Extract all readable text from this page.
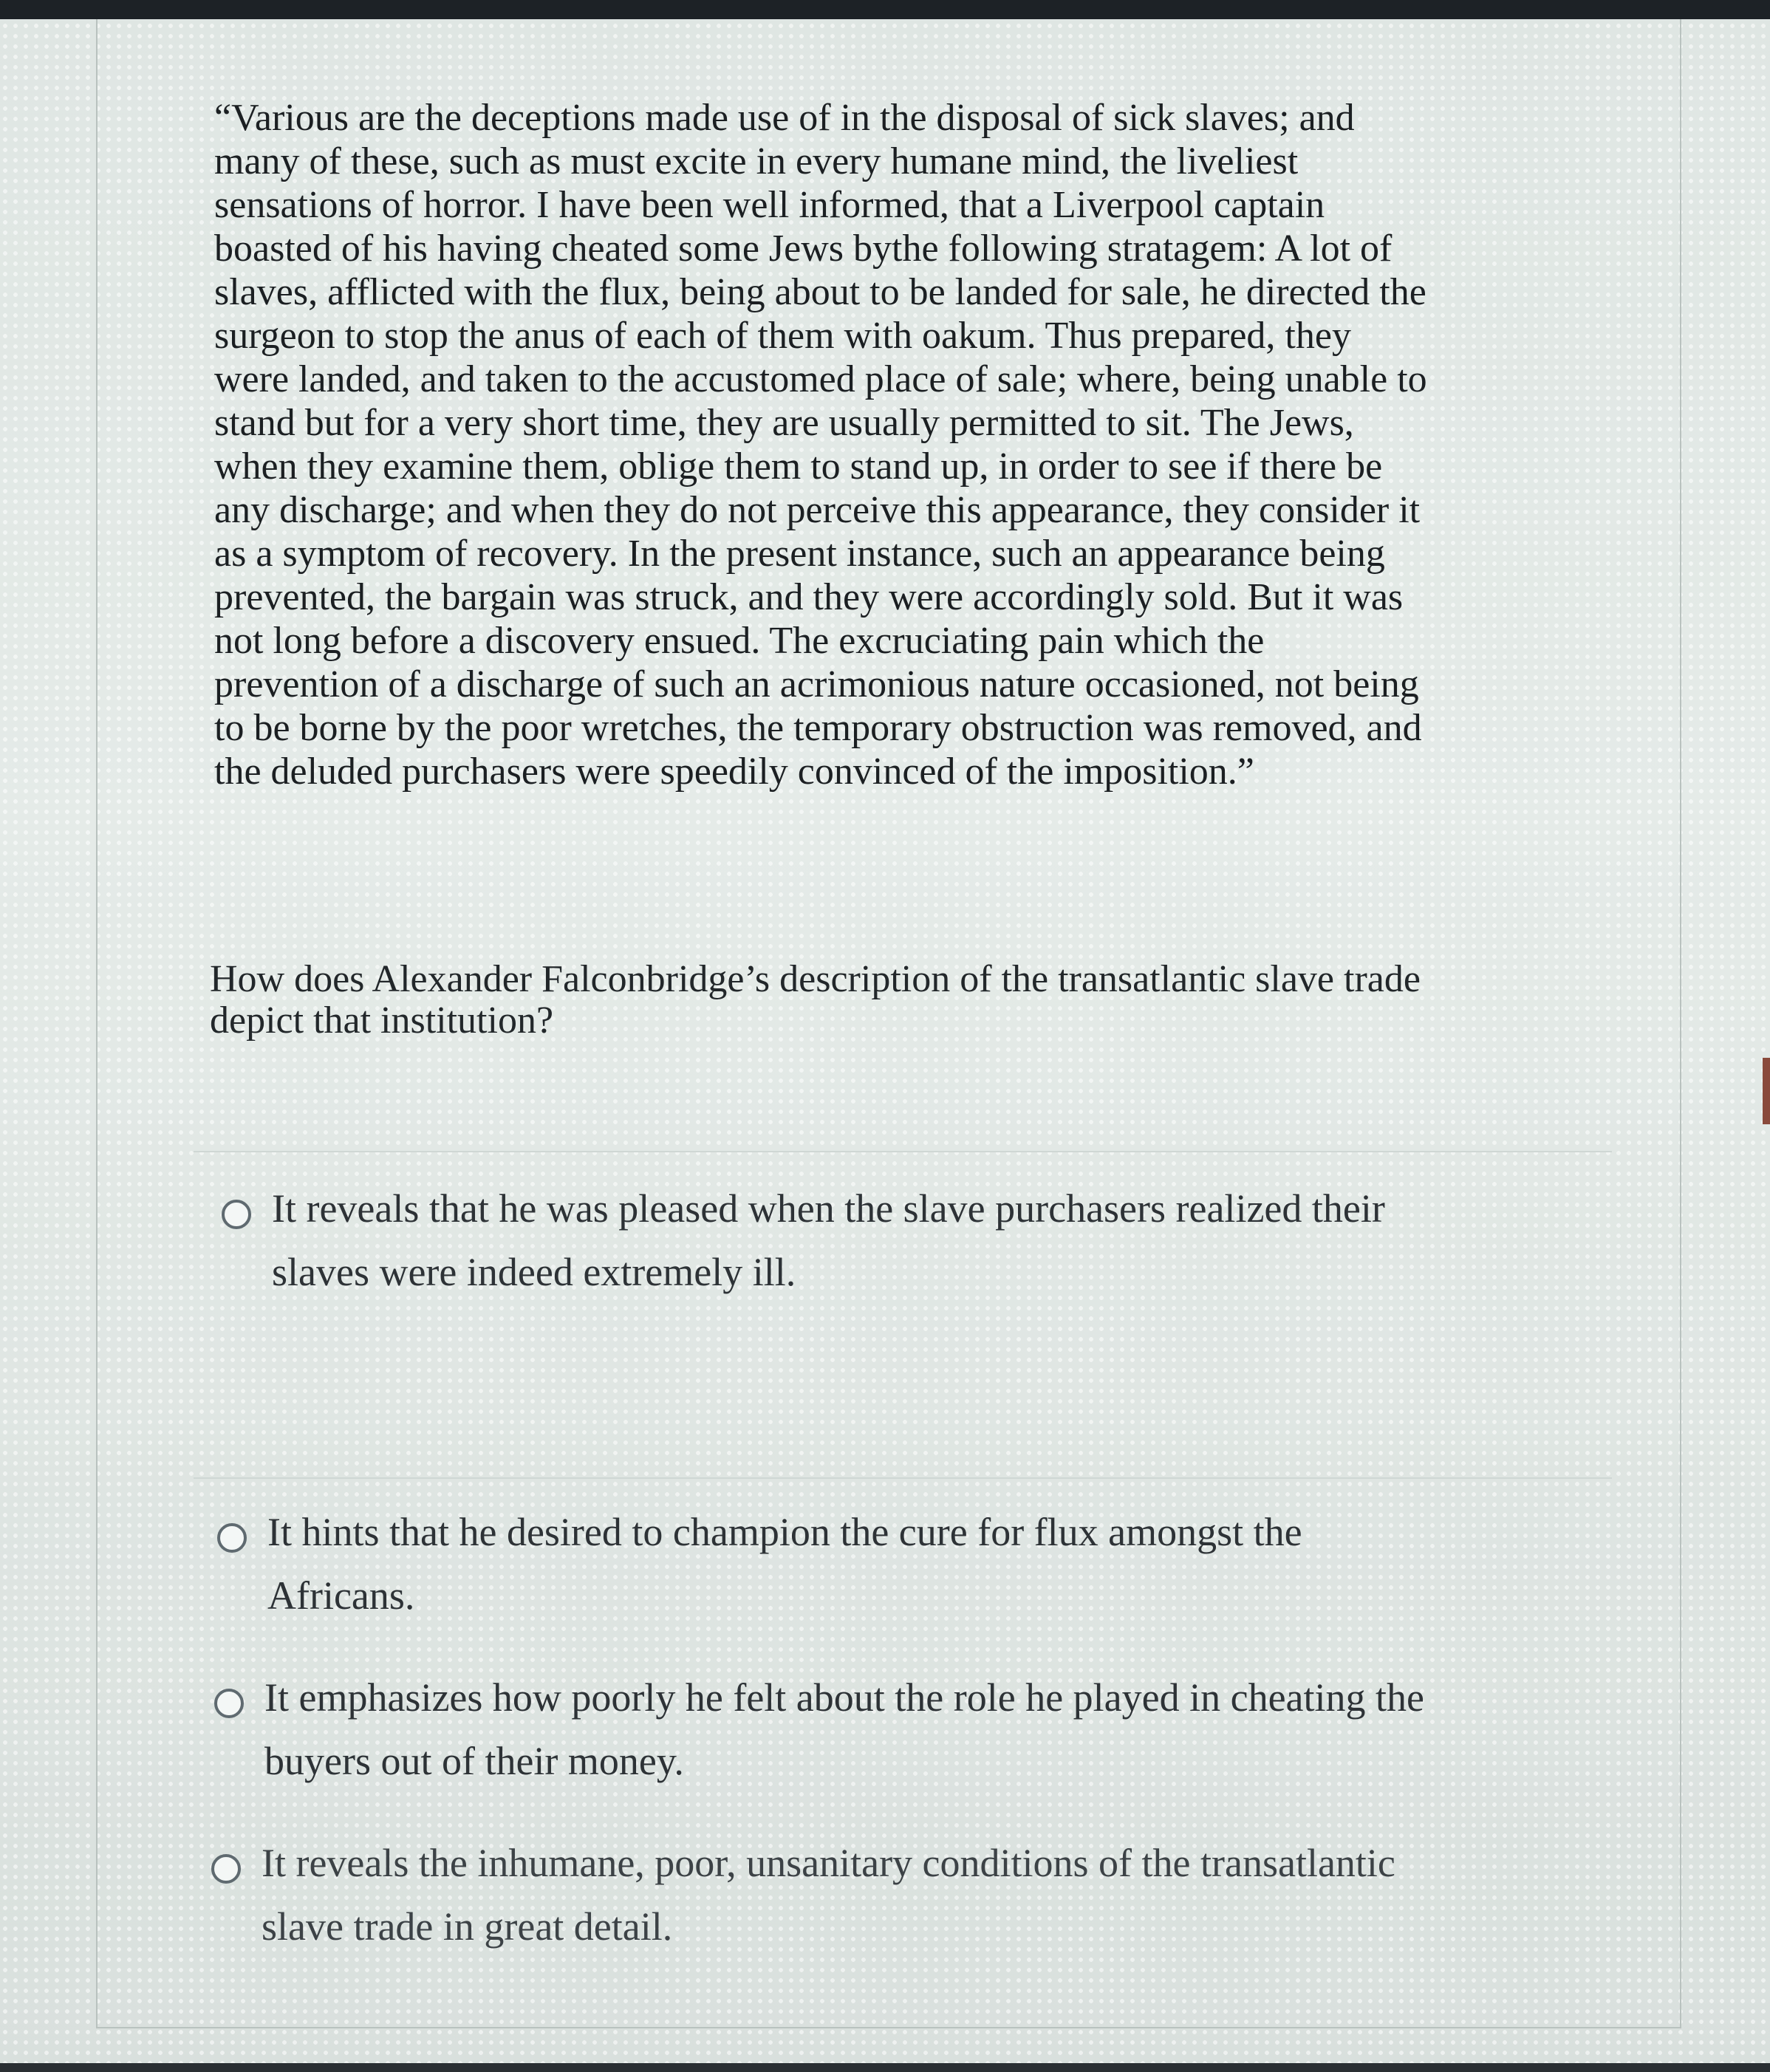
“Various are the deceptions made use of in the disposal of sick slaves; and
many of these, such as must excite in every humane mind, the liveliest
sensations of horror. I have been well informed, that a Liverpool captain
boasted of his having cheated some Jews bythe following stratagem: A lot of
slaves, afflicted with the flux, being about to be landed for sale, he directed the
surgeon to stop the anus of each of them with oakum. Thus prepared, they
were landed, and taken to the accustomed place of sale; where, being unable to
stand but for a very short time, they are usually permitted to sit. The Jews,
when they examine them, oblige them to stand up, in order to see if there be
any discharge; and when they do not perceive this appearance, they consider it
as a symptom of recovery. In the present instance, such an appearance being
prevented, the bargain was struck, and they were accordingly sold. But it was
not long before a discovery ensued. The excruciating pain which the
prevention of a discharge of such an acrimonious nature occasioned, not being
to be borne by the poor wretches, the temporary obstruction was removed, and
the deluded purchasers were speedily convinced of the imposition.”
How does Alexander Falconbridge’s description of the transatlantic slave trade
depict that institution?
It reveals that he was pleased when the slave purchasers realized their
slaves were indeed extremely ill.
It hints that he desired to champion the cure for flux amongst the
Africans.
It emphasizes how poorly he felt about the role he played in cheating the
buyers out of their money.
It reveals the inhumane, poor, unsanitary conditions of the transatlantic
slave trade in great detail.
